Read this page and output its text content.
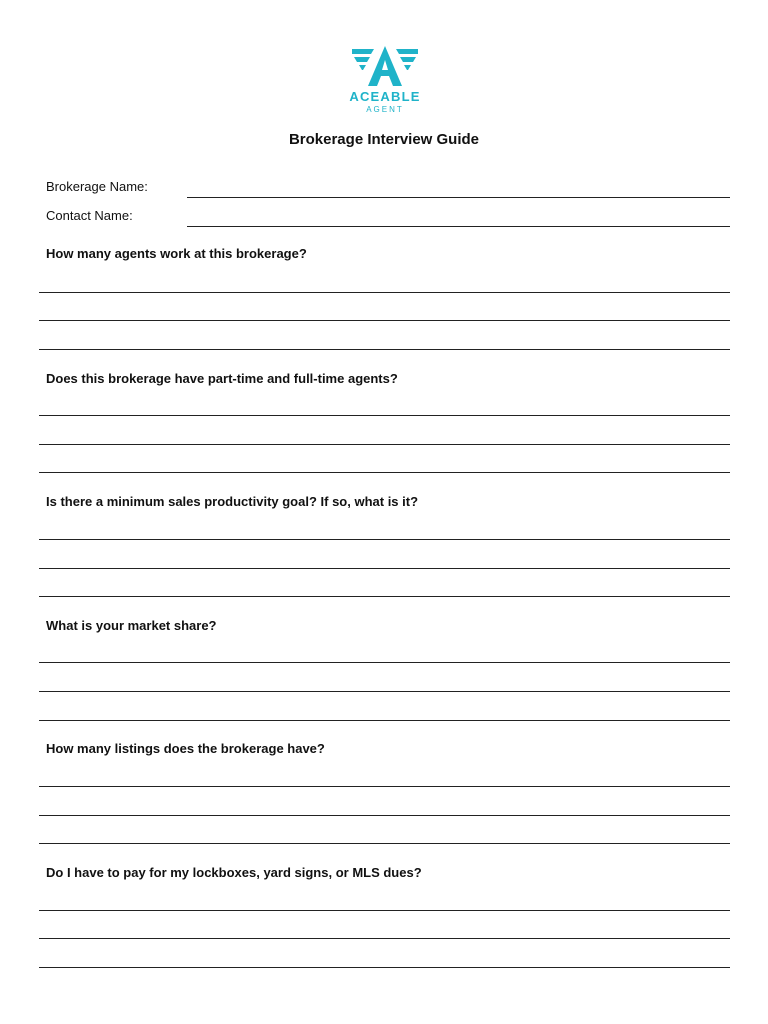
ACEABLE
AGENT
Brokerage Interview Guide
Brokerage Name:
Contact Name:
How many agents work at this brokerage?
Does this brokerage have part-time and full-time agents?
Is there a minimum sales productivity goal? If so, what is it?
What is your market share?
How many listings does the brokerage have?
Do I have to pay for my lockboxes, yard signs, or MLS dues?
